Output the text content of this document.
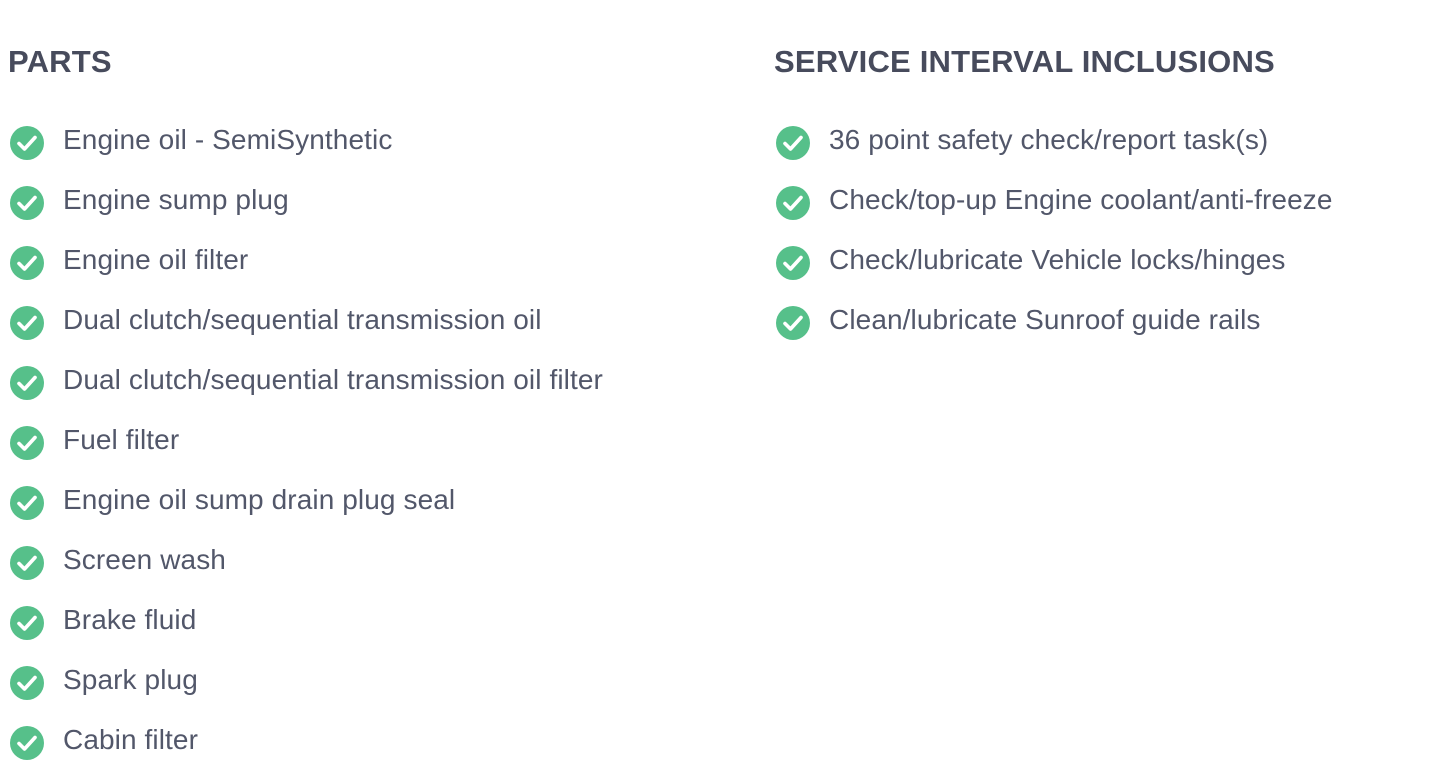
PARTS
Engine oil - SemiSynthetic
Engine sump plug
Engine oil filter
Dual clutch/sequential transmission oil
Dual clutch/sequential transmission oil filter
Fuel filter
Engine oil sump drain plug seal
Screen wash
Brake fluid
Spark plug
Cabin filter
SERVICE INTERVAL INCLUSIONS
36 point safety check/report task(s)
Check/top-up Engine coolant/anti-freeze
Check/lubricate Vehicle locks/hinges
Clean/lubricate Sunroof guide rails
